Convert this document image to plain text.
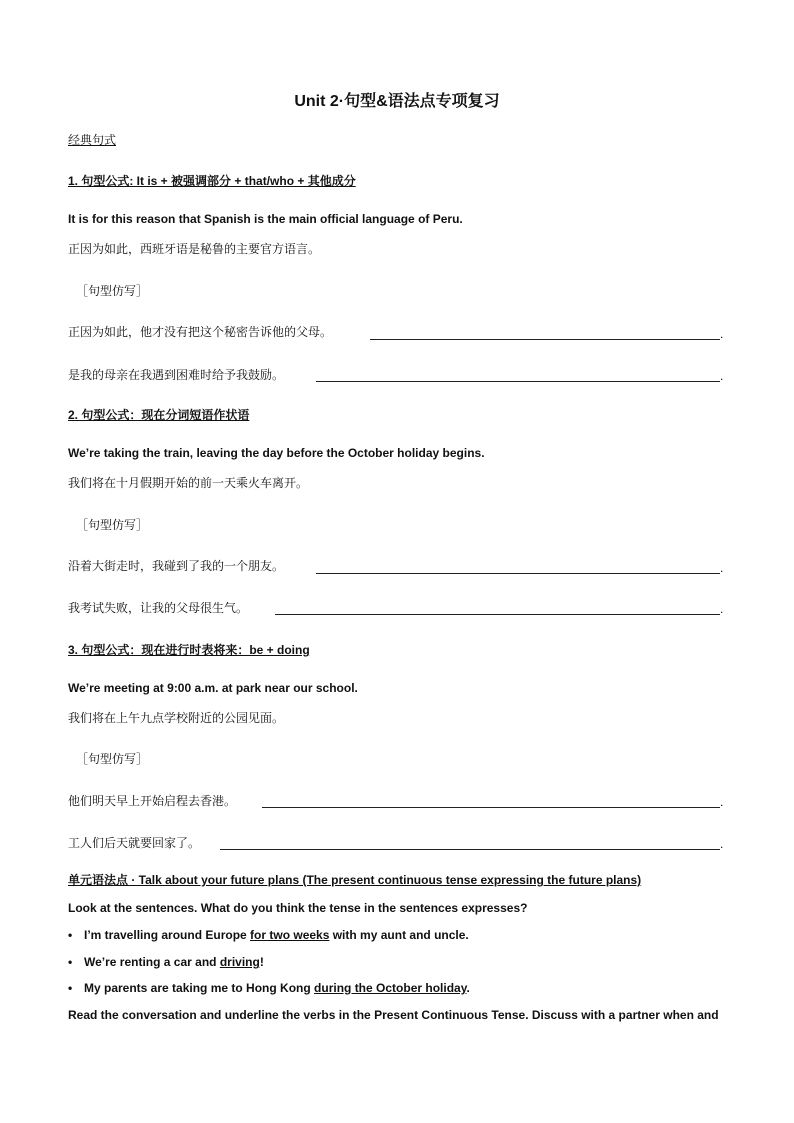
Unit 2·句型&语法点专项复习
经典句式
1. 句型公式: It is + 被强调部分 + that/who + 其他成分
It is for this reason that Spanish is the main official language of Peru.
正因为如此，西班牙语是秘鲁的主要官方语言。
［句型仿写］
正因为如此，他才没有把这个秘密告诉他的父母。	.
是我的母亲在我遇到困难时给予我鼓励。	.
2. 句型公式：现在分词短语作状语
We’re taking the train, leaving the day before the October holiday begins.
我们将在十月假期开始的前一天乘火车离开。
［句型仿写］
沿着大街走时，我碰到了我的一个朋友。	.
我考试失败，让我的父母很生气。	.
3. 句型公式：现在进行时表将来：be + doing
We’re meeting at 9:00 a.m. at park near our school.
我们将在上午九点学校附近的公园见面。
［句型仿写］
他们明天早上开始启程去香港。	.
工人们后天就要回家了。	.
单元语法点 · Talk about your future plans (The present continuous tense expressing the future plans)
Look at the sentences. What do you think the tense in the sentences expresses?
• I’m travelling around Europe for two weeks with my aunt and uncle.
• We’re renting a car and driving!
• My parents are taking me to Hong Kong during the October holiday.
Read the conversation and underline the verbs in the Present Continuous Tense. Discuss with a partner when and
